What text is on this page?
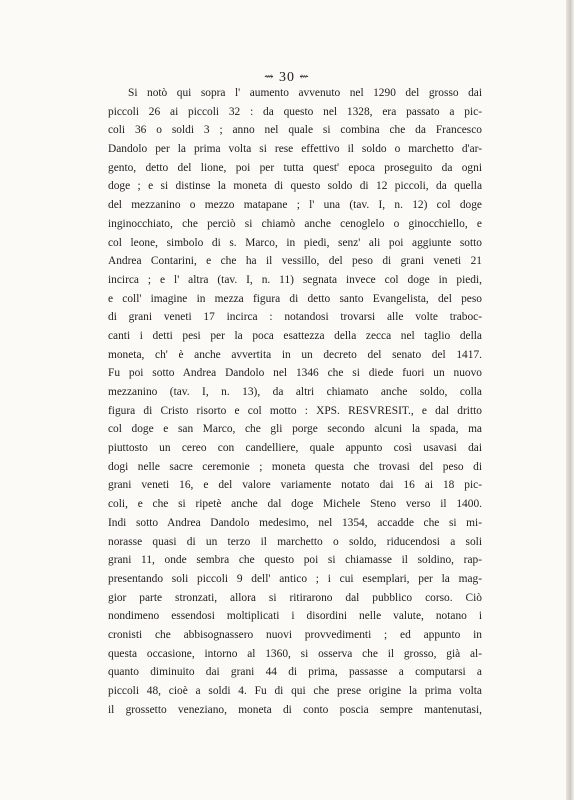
⇝ 30 ⇜
Si notò qui sopra l' aumento avvenuto nel 1290 del grosso dai
piccoli 26 ai piccoli 32 : da questo nel 1328, era passato a pic-
coli 36 o soldi 3 ; anno nel quale si combina che da Francesco
Dandolo per la prima volta si rese effettivo il soldo o marchetto d'ar-
gento, detto del lione, poi per tutta quest' epoca proseguito da ogni
doge ; e si distinse la moneta di questo soldo di 12 piccoli, da quella
del mezzanino o mezzo matapane ; l' una (tav. I, n. 12) col doge
inginocchiato, che perciò si chiamò anche cenoglelo o ginocchiello, e
col leone, simbolo di s. Marco, in piedi, senz' ali poi aggiunte sotto
Andrea Contarini, e che ha il vessillo, del peso di grani veneti 21
incirca ; e l' altra (tav. I, n. 11) segnata invece col doge in piedi,
e coll' imagine in mezza figura di detto santo Evangelista, del peso
di grani veneti 17 incirca : notandosi trovarsi alle volte traboc-
canti i detti pesi per la poca esattezza della zecca nel taglio della
moneta, ch' è anche avvertita in un decreto del senato del 1417.
Fu poi sotto Andrea Dandolo nel 1346 che si diede fuori un nuovo
mezzanino (tav. I, n. 13), da altri chiamato anche soldo, colla
figura di Cristo risorto e col motto : XPS. RESVRESIT., e dal dritto
col doge e san Marco, che gli porge secondo alcuni la spada, ma
piuttosto un cereo con candelliere, quale appunto così usavasi dai
dogi nelle sacre ceremonie ; moneta questa che trovasi del peso di
grani veneti 16, e del valore variamente notato dai 16 ai 18 pic-
coli, e che si ripetè anche dal doge Michele Steno verso il 1400.
Indi sotto Andrea Dandolo medesimo, nel 1354, accadde che si mi-
norasse quasi di un terzo il marchetto o soldo, riducendosi a soli
grani 11, onde sembra che questo poi si chiamasse il soldino, rap-
presentando soli piccoli 9 dell' antico ; i cui esemplari, per la mag-
gior parte stronzati, allora si ritirarono dal pubblico corso. Ciò
nondimeno essendosi moltiplicati i disordini nelle valute, notano i
cronisti che abbisognassero nuovi provvedimenti ; ed appunto in
questa occasione, intorno al 1360, si osserva che il grosso, già al-
quanto diminuito dai grani 44 di prima, passasse a computarsi a
piccoli 48, cioè a soldi 4. Fu di qui che prese origine la prima volta
il grossetto veneziano, moneta di conto poscia sempre mantenutasi,
